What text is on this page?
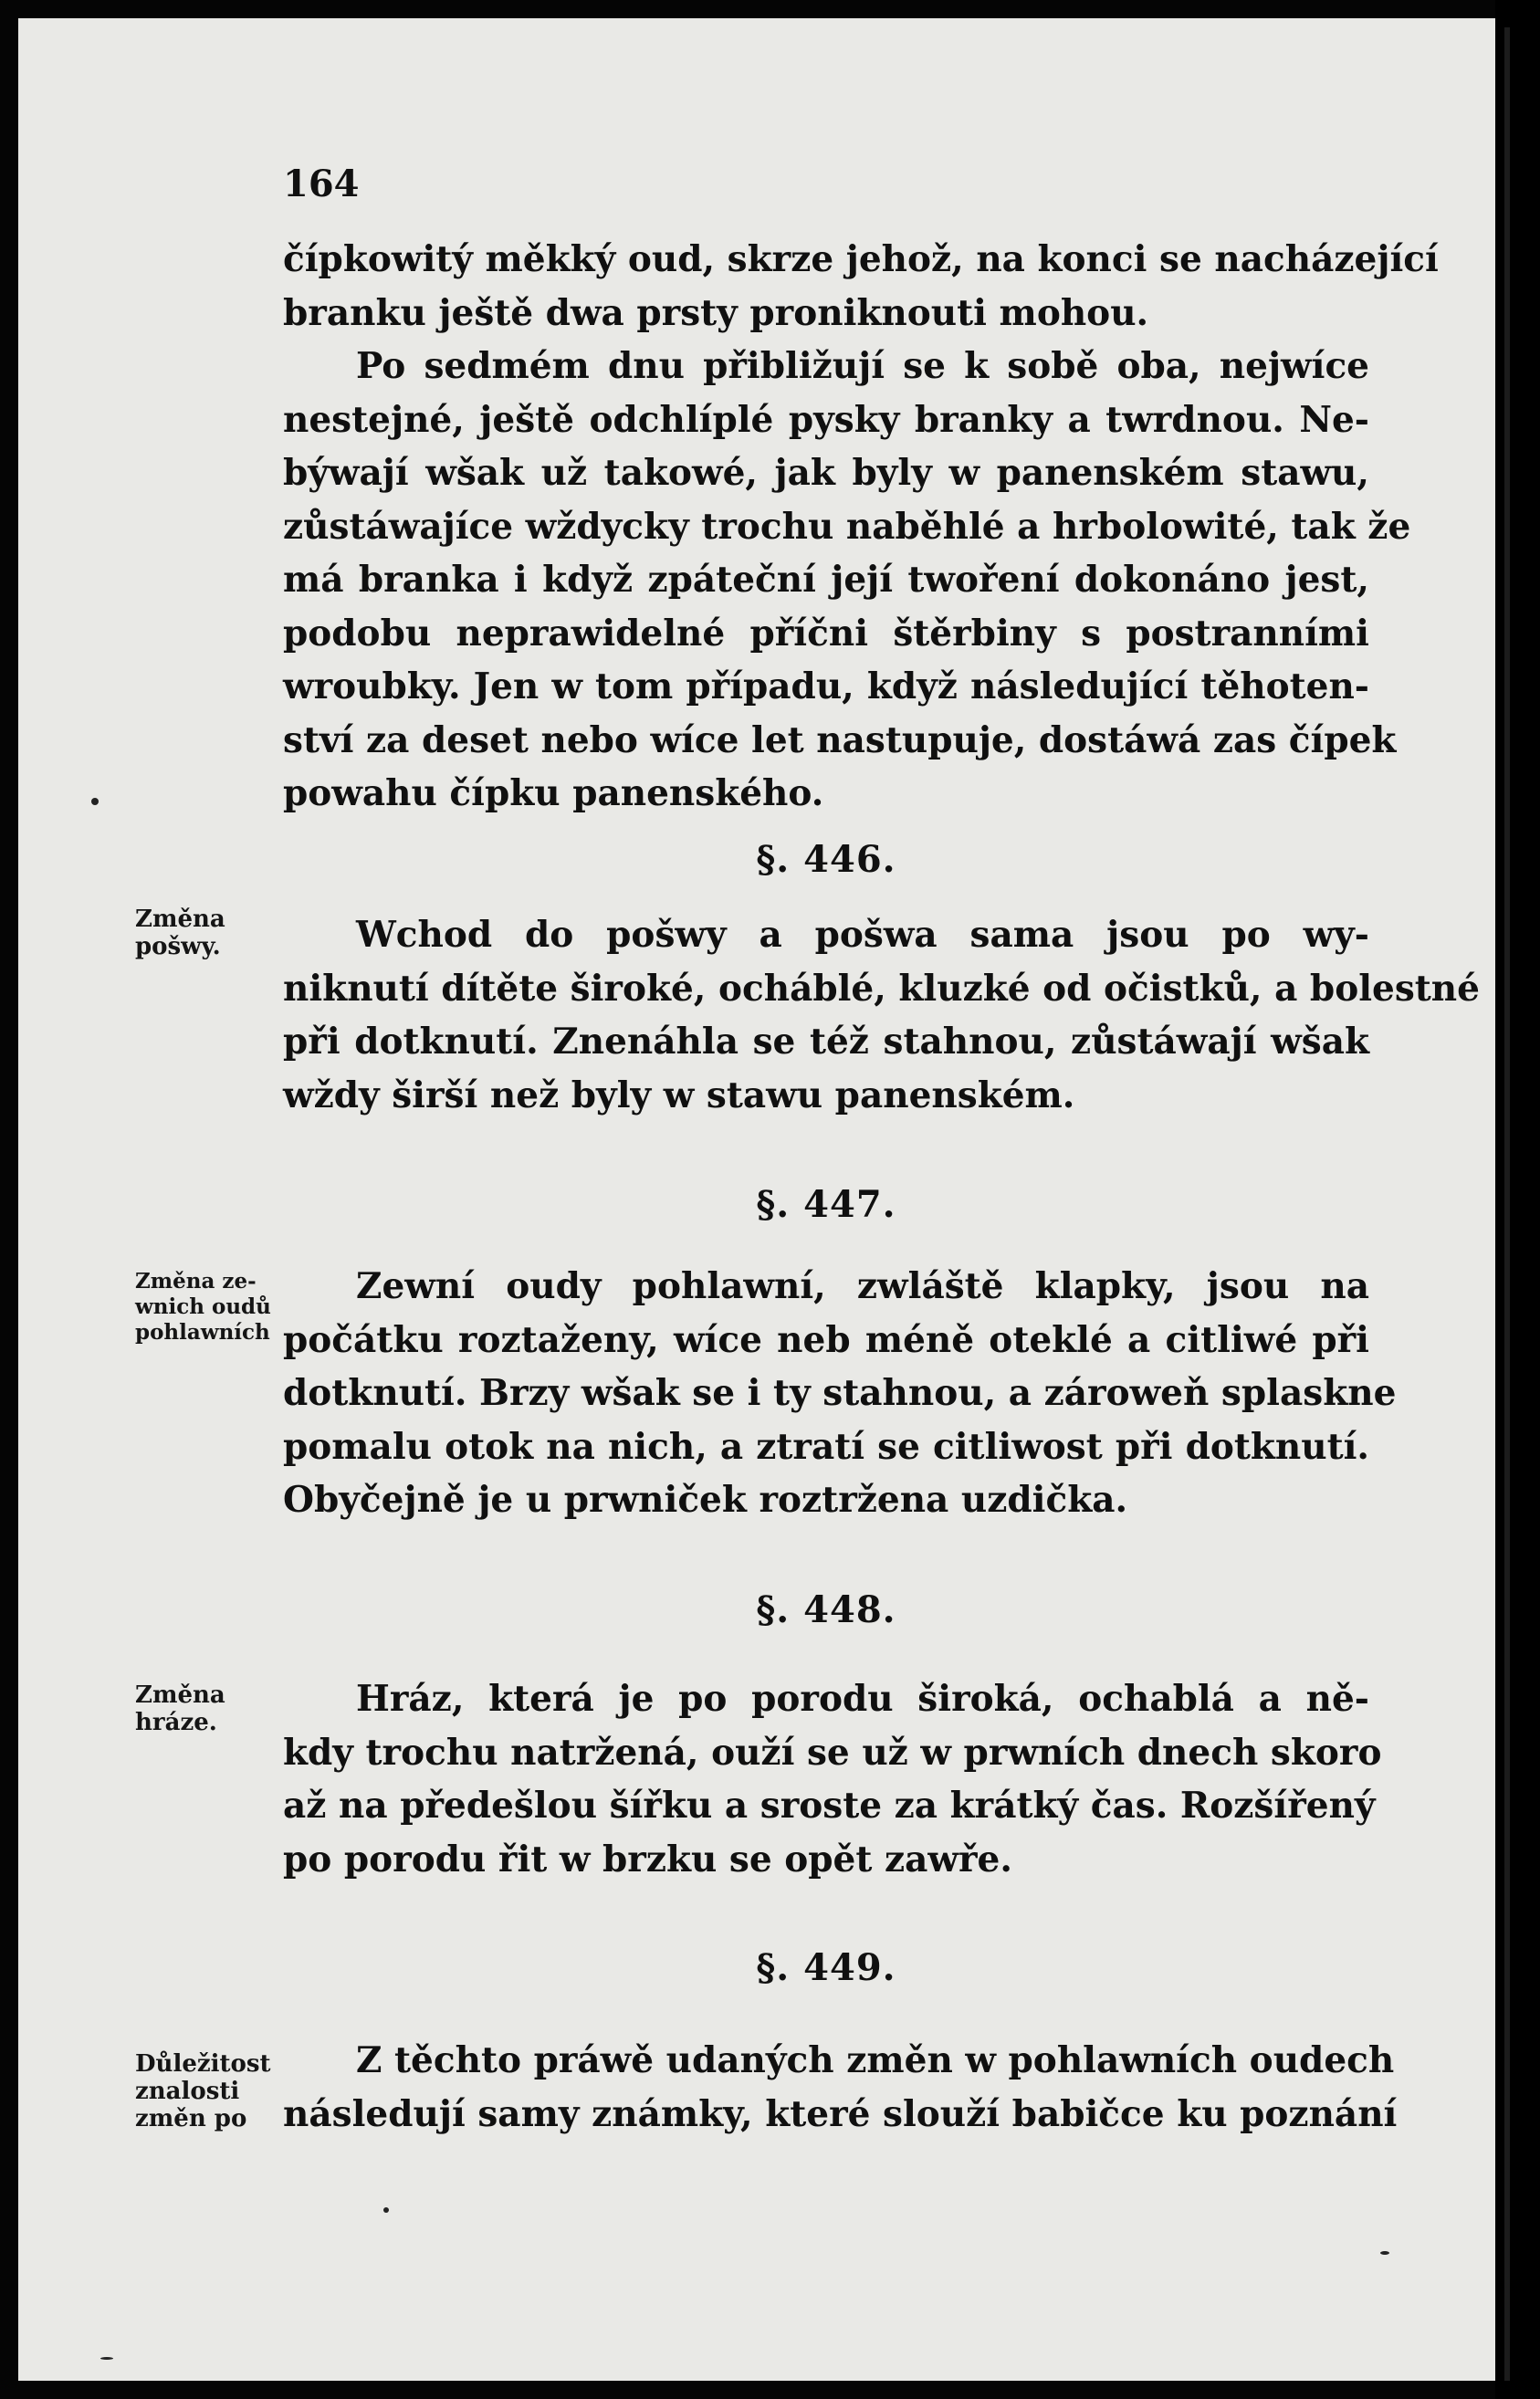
164
čípkowitý měkký oud, skrze jehož, na konci se nacházející
branku ještě dwa prsty proniknouti mohou.
Po sedmém dnu přibližují se k sobě oba, nejwíce
nestejné, ještě odchlíplé pysky branky a twrdnou. Ne-
býwají wšak už takowé, jak byly w panenském stawu,
zůstáwajíce wždycky trochu naběhlé a hrbolowité, tak že
má branka i když zpáteční její twoření dokonáno jest,
podobu neprawidelné příčni štěrbiny s postranními
wroubky. Jen w tom případu, když následující těhoten-
ství za deset nebo wíce let nastupuje, dostáwá zas čípek
powahu čípku panenského.
§. 446.
Wchod do pošwy a pošwa sama jsou po wy-
niknutí dítěte široké, ocháblé, kluzké od očistků, a bolestné
při dotknutí. Znenáhla se též stahnou, zůstáwají wšak
wždy širší než byly w stawu panenském.
§. 447.
Zewní oudy pohlawní, zwláště klapky, jsou na
počátku roztaženy, wíce neb méně oteklé a citliwé při
dotknutí. Brzy wšak se i ty stahnou, a zároweň splaskne
pomalu otok na nich, a ztratí se citliwost při dotknutí.
Obyčejně je u prwniček roztržena uzdička.
§. 448.
Hráz, která je po porodu široká, ochablá a ně-
kdy trochu natržená, ouží se už w prwních dnech skoro
až na předešlou šířku a sroste za krátký čas. Rozšířený
po porodu řit w brzku se opět zawře.
§. 449.
Z těchto práwě udaných změn w pohlawních oudech
následují samy známky, které slouží babičce ku poznání
Změna
pošwy.
Změna ze-
wnich oudů
pohlawních
Změna
hráze.
Důležitost
znalosti
změn po
